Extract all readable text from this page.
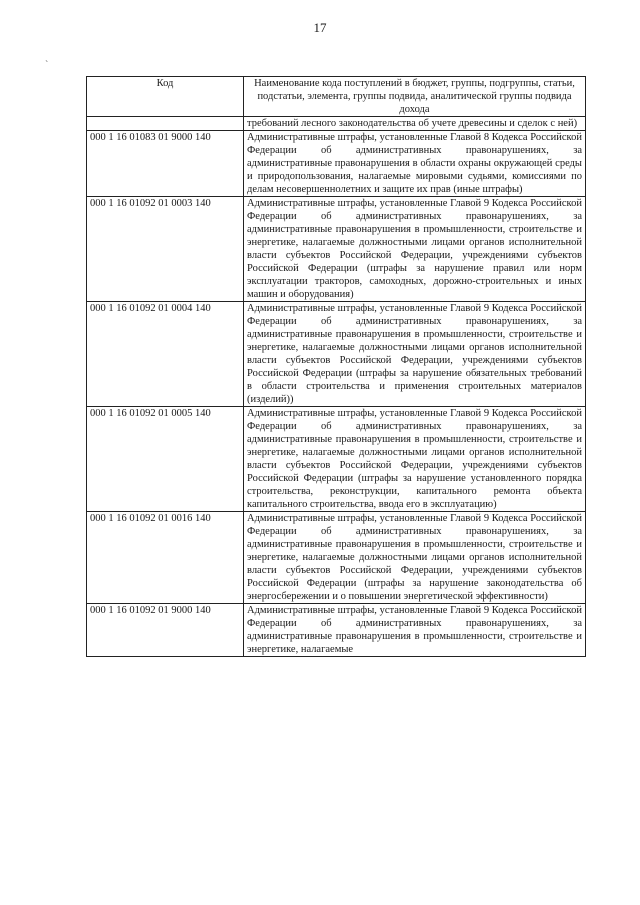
17
`
Код	Наименование кода поступлений в бюджет, группы, подгруппы, статьи, подстатьи, элемента, группы подвида, аналитической группы подвида дохода
	требований лесного законодательства об учете древесины и сделок с ней)
000 1 16 01083 01 9000 140	Административные штрафы, установленные Главой 8 Кодекса Российской Федерации об административных правонарушениях, за административные правонарушения в области охраны окружающей среды и природопользования, налагаемые мировыми судьями, комиссиями по делам несовершеннолетних и защите их прав (иные штрафы)
000 1 16 01092 01 0003 140	Административные штрафы, установленные Главой 9 Кодекса Российской Федерации об административных правонарушениях, за административные правонарушения в промышленности, строительстве и энергетике, налагаемые должностными лицами органов исполнительной власти субъектов Российской Федерации, учреждениями субъектов Российской Федерации (штрафы за нарушение правил или норм эксплуатации тракторов, самоходных, дорожно-строительных и иных машин и оборудования)
000 1 16 01092 01 0004 140	Административные штрафы, установленные Главой 9 Кодекса Российской Федерации об административных правонарушениях, за административные правонарушения в промышленности, строительстве и энергетике, налагаемые должностными лицами органов исполнительной власти субъектов Российской Федерации, учреждениями субъектов Российской Федерации (штрафы за нарушение обязательных требований в области строительства и применения строительных материалов (изделий))
000 1 16 01092 01 0005 140	Административные штрафы, установленные Главой 9 Кодекса Российской Федерации об административных правонарушениях, за административные правонарушения в промышленности, строительстве и энергетике, налагаемые должностными лицами органов исполнительной власти субъектов Российской Федерации, учреждениями субъектов Российской Федерации (штрафы за нарушение установленного порядка строительства, реконструкции, капитального ремонта объекта капитального строительства, ввода его в эксплуатацию)
000 1 16 01092 01 0016 140	Административные штрафы, установленные Главой 9 Кодекса Российской Федерации об административных правонарушениях, за административные правонарушения в промышленности, строительстве и энергетике, налагаемые должностными лицами органов исполнительной власти субъектов Российской Федерации, учреждениями субъектов Российской Федерации (штрафы за нарушение законодательства об энергосбережении и о повышении энергетической эффективности)
000 1 16 01092 01 9000 140	Административные штрафы, установленные Главой 9 Кодекса Российской Федерации об административных правонарушениях, за административные правонарушения в промышленности, строительстве и энергетике, налагаемые
